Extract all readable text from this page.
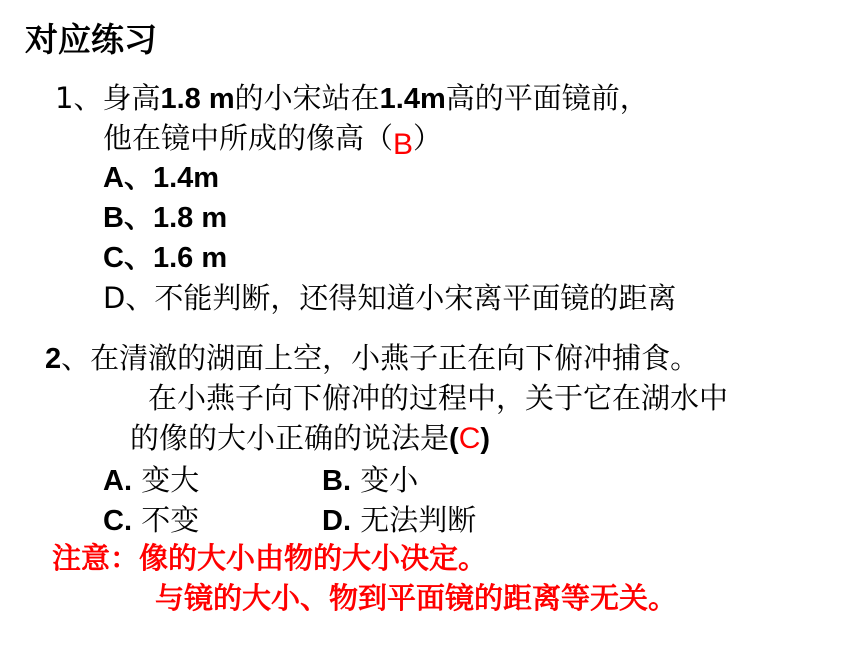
对应练习
1、身高1.8 m的小宋站在1.4m高的平面镜前，
他在镜中所成的像高（B）
A、1.4m
B、1.8 m
C、1.6 m
D、不能判断，还得知道小宋离平面镜的距离
2、在清澈的湖面上空，小燕子正在向下俯冲捕食。
在小燕子向下俯冲的过程中，关于它在湖水中
的像的大小正确的说法是(C)
A. 变大	B. 变小
C. 不变	D. 无法判断
注意：像的大小由物的大小决定。
与镜的大小、物到平面镜的距离等无关。
